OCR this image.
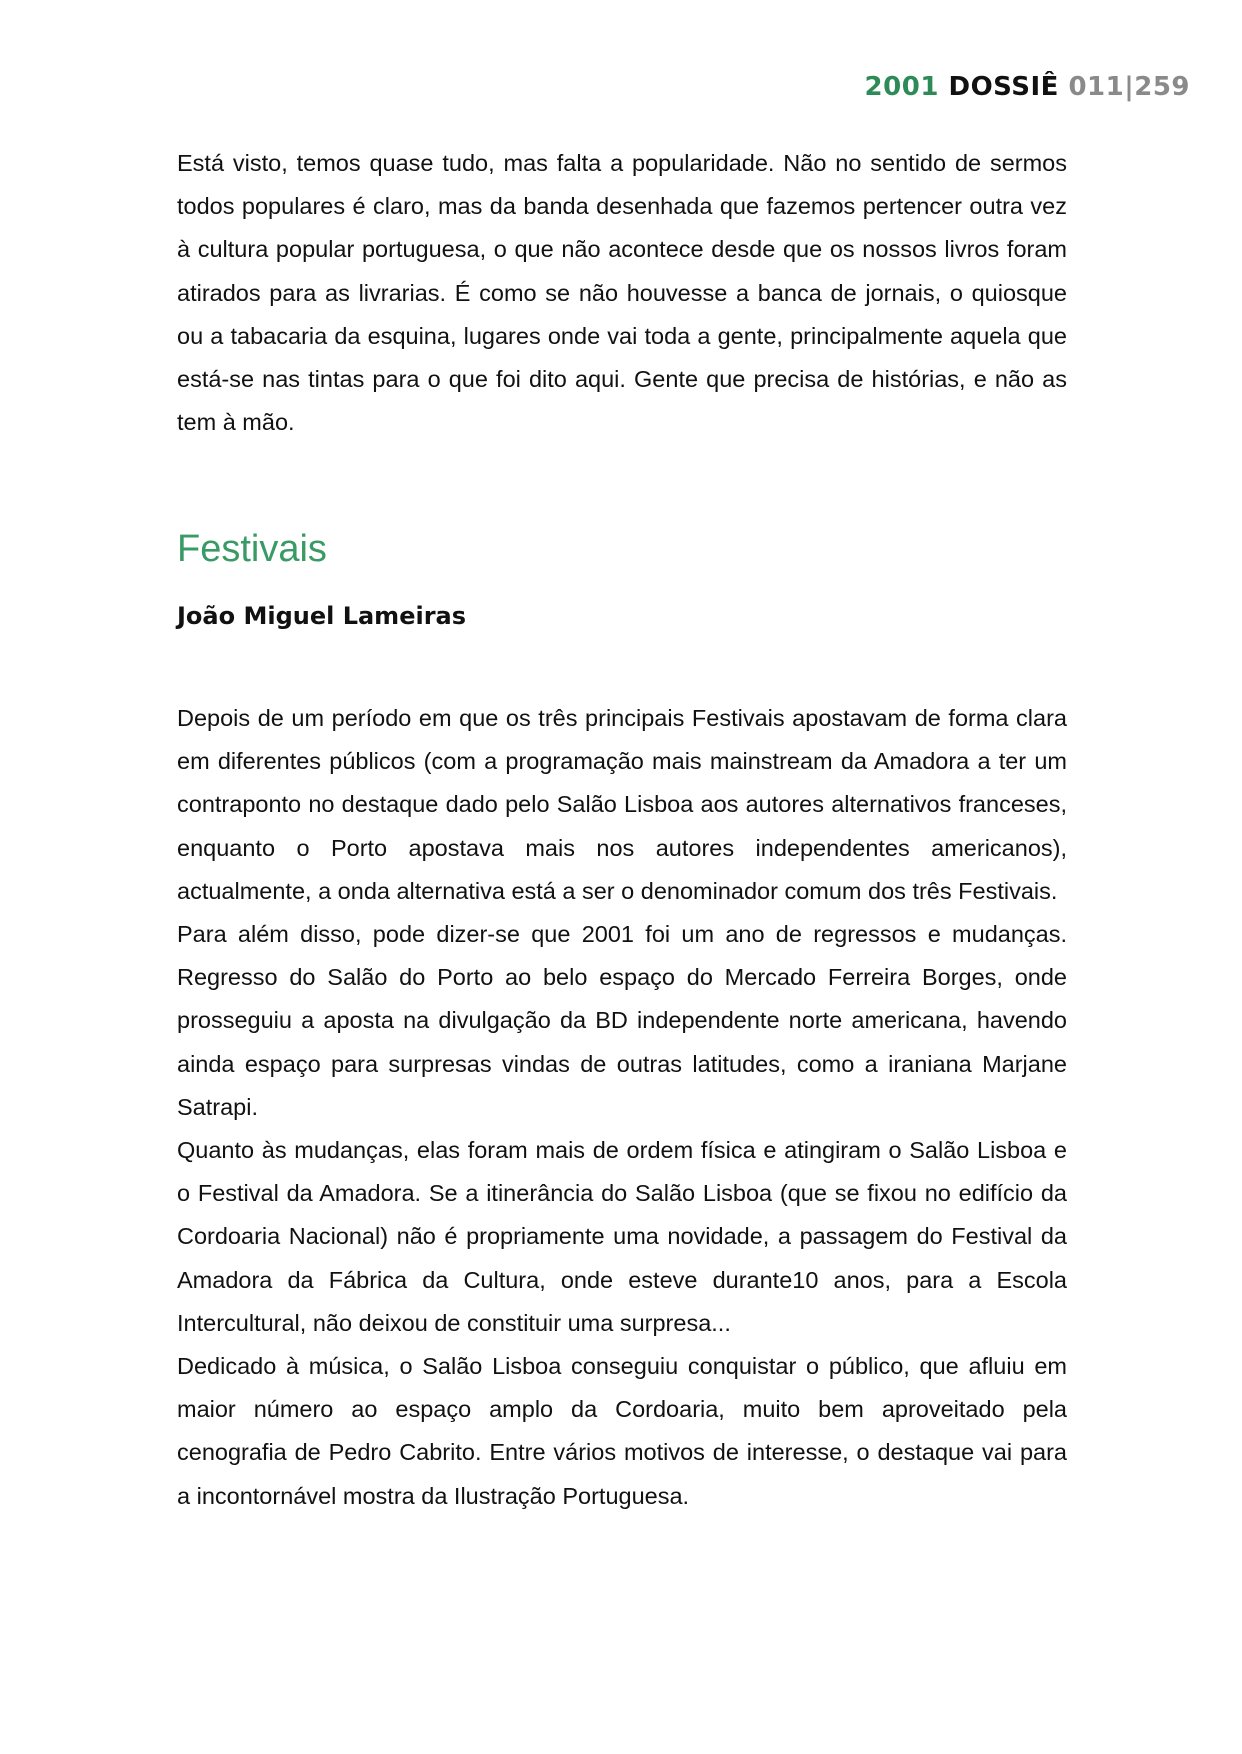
2001 DOSSIÊ 011|259

Está visto, temos quase tudo, mas falta a popularidade. Não no sentido de sermos todos populares é claro, mas da banda desenhada que fazemos pertencer outra vez à cultura popular portuguesa, o que não acontece desde que os nossos livros foram atirados para as livrarias. É como se não houvesse a banca de jornais, o quiosque ou a tabacaria da esquina, lugares onde vai toda a gente, principalmente aquela que está-se nas tintas para o que foi dito aqui. Gente que precisa de histórias, e não as tem à mão.

Festivais

João Miguel Lameiras

Depois de um período em que os três principais Festivais apostavam de forma clara em diferentes públicos (com a programação mais mainstream da Amadora a ter um contraponto no destaque dado pelo Salão Lisboa aos autores alternativos franceses, enquanto o Porto apostava mais nos autores independentes americanos), actualmente, a onda alternativa está a ser o denominador comum dos três Festivais.

Para além disso, pode dizer-se que 2001 foi um ano de regressos e mudanças. Regresso do Salão do Porto ao belo espaço do Mercado Ferreira Borges, onde prosseguiu a aposta na divulgação da BD independente norte americana, havendo ainda espaço para surpresas vindas de outras latitudes, como a iraniana Marjane Satrapi.

Quanto às mudanças, elas foram mais de ordem física e atingiram o Salão Lisboa e o Festival da Amadora. Se a itinerância do Salão Lisboa (que se fixou no edifício da Cordoaria Nacional) não é propriamente uma novidade, a passagem do Festival da Amadora da Fábrica da Cultura, onde esteve durante10 anos, para a Escola Intercultural, não deixou de constituir uma surpresa...

Dedicado à música, o Salão Lisboa conseguiu conquistar o público, que afluiu em maior número ao espaço amplo da Cordoaria, muito bem aproveitado pela cenografia de Pedro Cabrito. Entre vários motivos de interesse, o destaque vai para a incontornável mostra da Ilustração Portuguesa.
